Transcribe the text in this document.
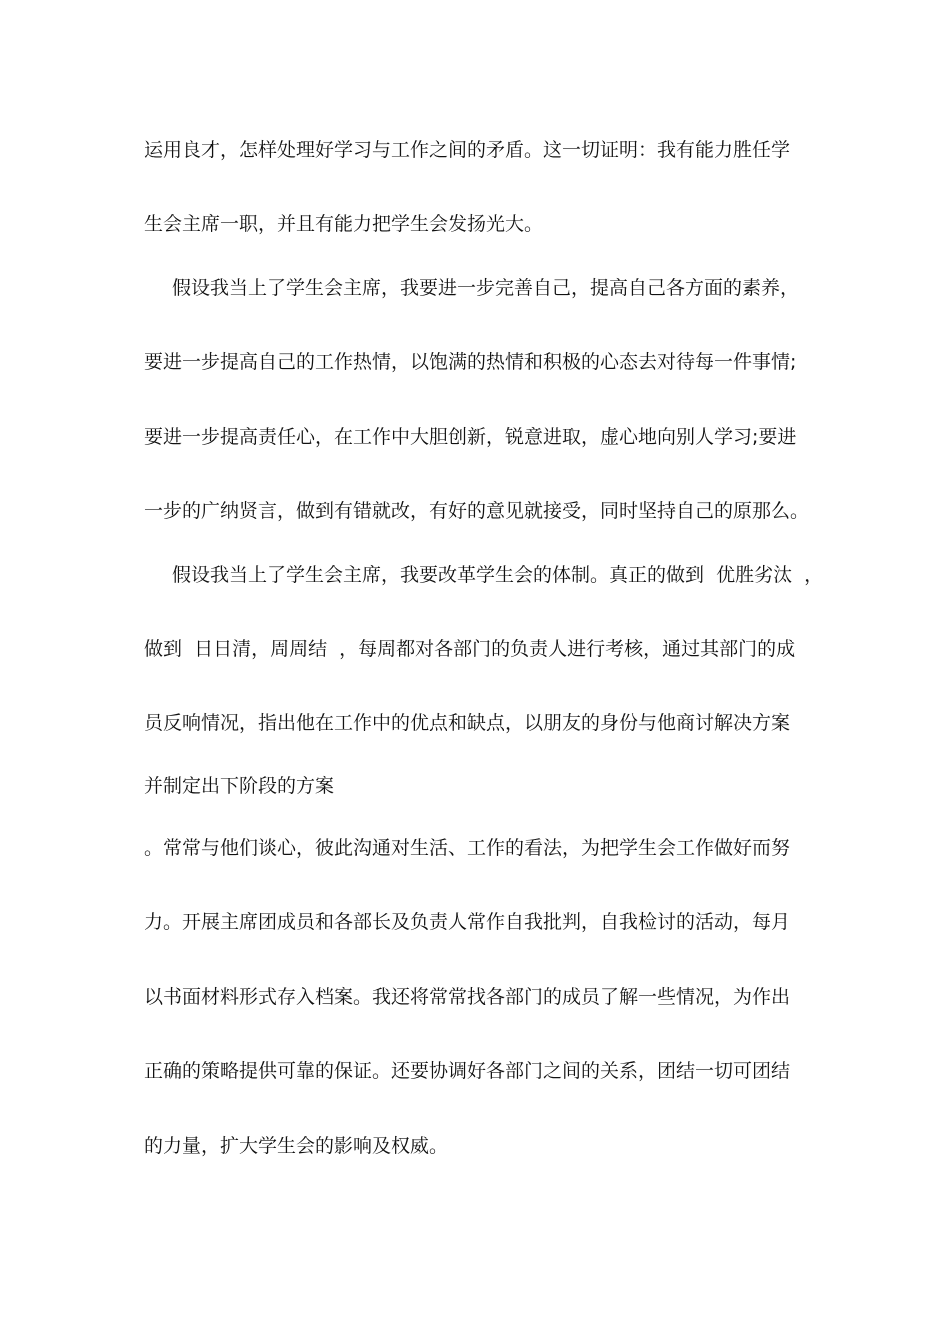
运用良才，怎样处理好学习与工作之间的矛盾。这一切证明：我有能力胜任学
生会主席一职，并且有能力把学生会发扬光大。
假设我当上了学生会主席，我要进一步完善自己，提高自己各方面的素养，
要进一步提高自己的工作热情，以饱满的热情和积极的心态去对待每一件事情;
要进一步提高责任心，在工作中大胆创新，锐意进取，虚心地向别人学习;要进
一步的广纳贤言，做到有错就改，有好的意见就接受，同时坚持自己的原那么。
假设我当上了学生会主席，我要改革学生会的体制。真正的做到  优胜劣汰  ，
做到  日日清，周周结  ，每周都对各部门的负责人进行考核，通过其部门的成
员反响情况，指出他在工作中的优点和缺点，以朋友的身份与他商讨解决方案
并制定出下阶段的方案
。常常与他们谈心，彼此沟通对生活、工作的看法，为把学生会工作做好而努
力。开展主席团成员和各部长及负责人常作自我批判，自我检讨的活动，每月
以书面材料形式存入档案。我还将常常找各部门的成员了解一些情况，为作出
正确的策略提供可靠的保证。还要协调好各部门之间的关系，团结一切可团结
的力量，扩大学生会的影响及权威。
